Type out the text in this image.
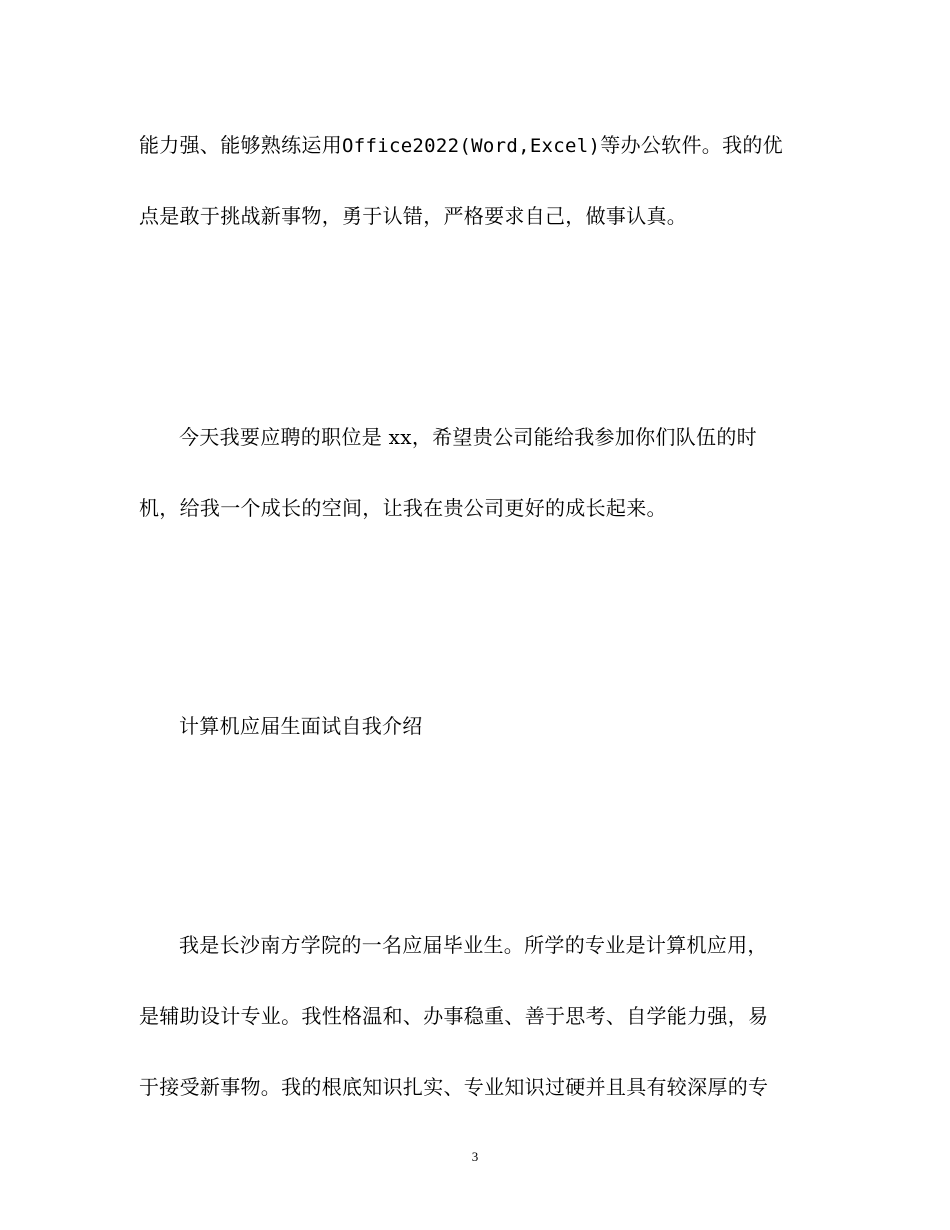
能力强、能够熟练运用Office2022(Word,Excel)等办公软件。我的优
点是敢于挑战新事物，勇于认错，严格要求自己，做事认真。
今天我要应聘的职位是 xx，希望贵公司能给我参加你们队伍的时
机，给我一个成长的空间，让我在贵公司更好的成长起来。
计算机应届生面试自我介绍
我是长沙南方学院的一名应届毕业生。所学的专业是计算机应用，
是辅助设计专业。我性格温和、办事稳重、善于思考、自学能力强，易
于接受新事物。我的根底知识扎实、专业知识过硬并且具有较深厚的专
3
